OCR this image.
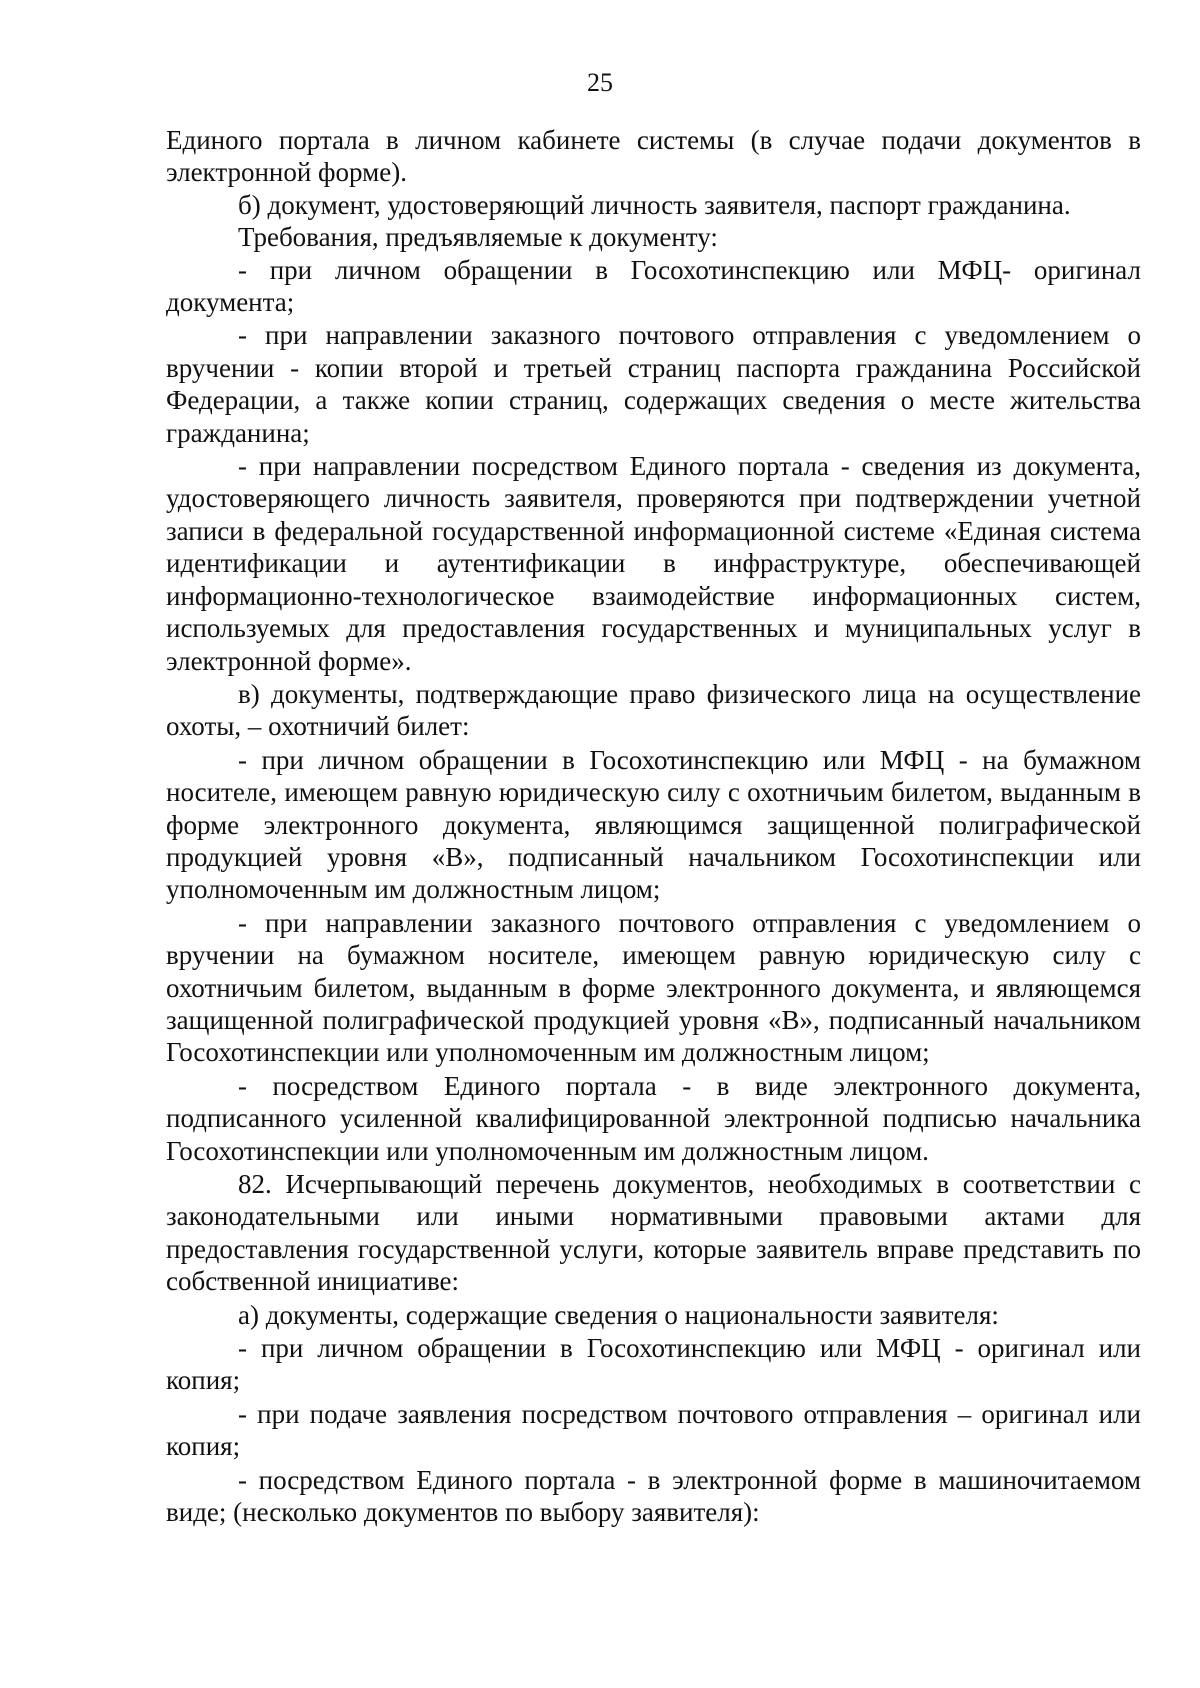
25

Единого портала в личном кабинете системы (в случае подачи документов в электронной форме).

б) документ, удостоверяющий личность заявителя, паспорт гражданина.

Требования, предъявляемые к документу:

- при личном обращении в Госохотинспекцию или МФЦ- оригинал документа;

- при направлении заказного почтового отправления с уведомлением о вручении - копии второй и третьей страниц паспорта гражданина Российской Федерации, а также копии страниц, содержащих сведения о месте жительства гражданина;

- при направлении посредством Единого портала - сведения из документа, удостоверяющего личность заявителя, проверяются при подтверждении учетной записи в федеральной государственной информационной системе «Единая система идентификации и аутентификации в инфраструктуре, обеспечивающей информационно-технологическое взаимодействие информационных систем, используемых для предоставления государственных и муниципальных услуг в электронной форме».

в) документы, подтверждающие право физического лица на осуществление охоты, – охотничий билет:

- при личном обращении в Госохотинспекцию или МФЦ - на бумажном носителе, имеющем равную юридическую силу с охотничьим билетом, выданным в форме электронного документа, являющимся защищенной полиграфической продукцией уровня «В», подписанный начальником Госохотинспекции или уполномоченным им должностным лицом;

- при направлении заказного почтового отправления с уведомлением о вручении на бумажном носителе, имеющем равную юридическую силу с охотничьим билетом, выданным в форме электронного документа, и являющемся защищенной полиграфической продукцией уровня «В», подписанный начальником Госохотинспекции или уполномоченным им должностным лицом;

- посредством Единого портала - в виде электронного документа, подписанного усиленной квалифицированной электронной подписью начальника Госохотинспекции или уполномоченным им должностным лицом.

82. Исчерпывающий перечень документов, необходимых в соответствии с законодательными или иными нормативными правовыми актами для предоставления государственной услуги, которые заявитель вправе представить по собственной инициативе:

а) документы, содержащие сведения о национальности заявителя:

- при личном обращении в Госохотинспекцию или МФЦ - оригинал или копия;

- при подаче заявления посредством почтового отправления – оригинал или копия;

- посредством Единого портала - в электронной форме в машиночитаемом виде; (несколько документов по выбору заявителя):
